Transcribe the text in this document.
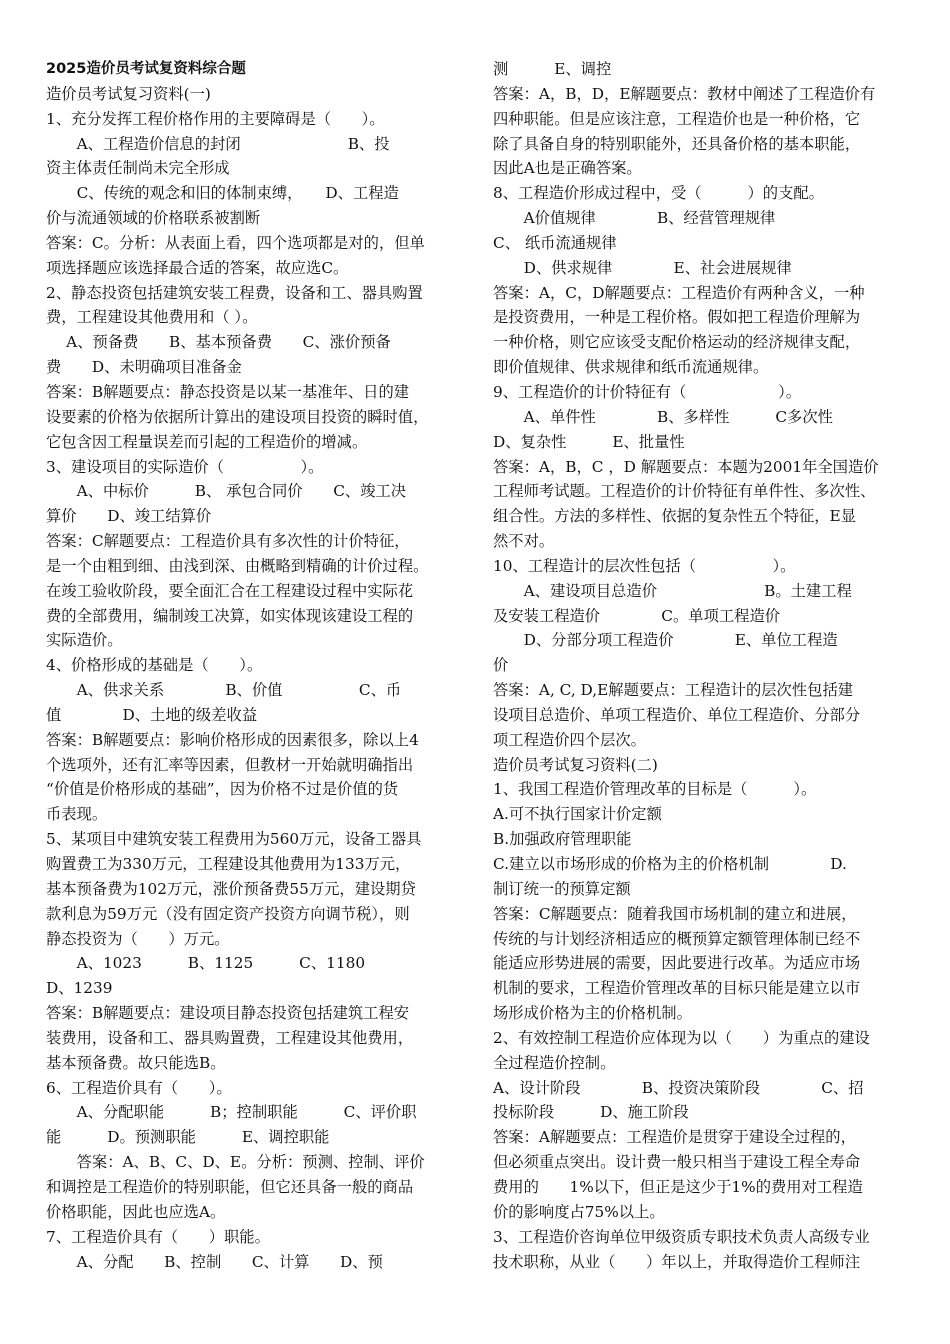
2025造价员考试复资料综合题
造价员考试复习资料(一)
1、充分发挥工程价格作用的主要障碍是（　　）。
　　A、工程造价信息的封闭　　　　　　　B、投
资主体责任制尚未完全形成
　　C、传统的观念和旧的体制束缚，　　D、工程造
价与流通领域的价格联系被割断
答案：C。分析：从表面上看，四个选项都是对的，但单
项选择题应该选择最合适的答案，故应选C。
2、静态投资包括建筑安装工程费，设备和工、器具购置
费，工程建设其他费用和（ ）。
　 A、预备费　　B、基本预备费　　C、涨价预备
费　　D、未明确项目准备金
答案：B解题要点：静态投资是以某一基准年、日的建
设要素的价格为依据所计算出的建设项目投资的瞬时值，
它包含因工程量误差而引起的工程造价的增减。
3、建设项目的实际造价（　　　　　）。
　　A、中标价　　　B、 承包合同价　　C、竣工决
算价　　D、竣工结算价
答案：C解题要点：工程造价具有多次性的计价特征，
是一个由粗到细、由浅到深、由概略到精确的计价过程。
在竣工验收阶段，要全面汇合在工程建设过程中实际花
费的全部费用，编制竣工决算，如实体现该建设工程的
实际造价。
4、价格形成的基础是（　　）。
　　A、供求关系　　　　B、价值　　　　　C、币
值　　　　D、土地的级差收益
答案：B解题要点：影响价格形成的因素很多，除以上4
个选项外，还有汇率等因素，但教材一开始就明确指出
“价值是价格形成的基础”，因为价格不过是价值的货
币表现。
5、某项目中建筑安装工程费用为560万元，设备工器具
购置费工为330万元，工程建设其他费用为133万元，
基本预备费为102万元，涨价预备费55万元，建设期贷
款利息为59万元（没有固定资产投资方向调节税），则
静态投资为（　　）万元。
　　A、1023　　　B、1125　　　C、1180
D、1239
答案：B解题要点：建设项目静态投资包括建筑工程安
装费用，设备和工、器具购置费，工程建设其他费用，
基本预备费。故只能选B。
6、工程造价具有（　　）。
　　A、分配职能　　　B；控制职能　　　C、评价职
能　　　D。预测职能　　　E、调控职能
　　答案：A、B、C、D、E。分析：预测、控制、评价
和调控是工程造价的特别职能，但它还具备一般的商品
价格职能，因此也应选A。
7、工程造价具有（　　）职能。
　　A、分配　　B、控制　　C、计算　　D、预
测　　　E、调控
答案：A，B，D，E解题要点：教材中阐述了工程造价有
四种职能。但是应该注意，工程造价也是一种价格，它
除了具备自身的特别职能外，还具备价格的基本职能，
因此A也是正确答案。
8、工程造价形成过程中，受（　　　）的支配。
　　A价值规律　　　　B、经营管理规律
C、 纸币流通规律
　　D、供求规律　　　　E、社会进展规律
答案：A，C，D解题要点：工程造价有两种含义，一种
是投资费用，一种是工程价格。假如把工程造价理解为
一种价格，则它应该受支配价格运动的经济规律支配，
即价值规律、供求规律和纸币流通规律。
9、工程造价的计价特征有（　　　　　　）。
　　A、单件性　　　　B、多样性　　　C多次性
D、复杂性　　　E、批量性
答案：A，B，C ，D 解题要点：本题为2001年全国造价
工程师考试题。工程造价的计价特征有单件性、多次性、
组合性。方法的多样性、依据的复杂性五个特征，E显
然不对。
10、工程造计的层次性包括（　　　　　）。
　　A、建设项目总造价　　　　　　　B。土建工程
及安装工程造价　　　　C。单项工程造价
　　D、分部分项工程造价　　　　E、单位工程造
价
答案：A, C, D,E解题要点：工程造计的层次性包括建
设项目总造价、单项工程造价、单位工程造价、分部分
项工程造价四个层次。
造价员考试复习资料(二)
1、我国工程造价管理改革的目标是（　　　）。
A.可不执行国家计价定额
B.加强政府管理职能
C.建立以市场形成的价格为主的价格机制　　　　D.
制订统一的预算定额
答案：C解题要点：随着我国市场机制的建立和进展，
传统的与计划经济相适应的概预算定额管理体制已经不
能适应形势进展的需要，因此要进行改革。为适应市场
机制的要求，工程造价管理改革的目标只能是建立以市
场形成价格为主的价格机制。
2、有效控制工程造价应体现为以（　　）为重点的建设
全过程造价控制。
A、设计阶段　　　　B、投资决策阶段　　　　C、招
投标阶段　　　D、施工阶段
答案：A解题要点：工程造价是贯穿于建设全过程的，
但必须重点突出。设计费一般只相当于建设工程全寿命
费用的　　1%以下，但正是这少于1%的费用对工程造
价的影响度占75%以上。
3、工程造价咨询单位甲级资质专职技术负责人高级专业
技术职称，从业（　　）年以上，并取得造价工程师注
